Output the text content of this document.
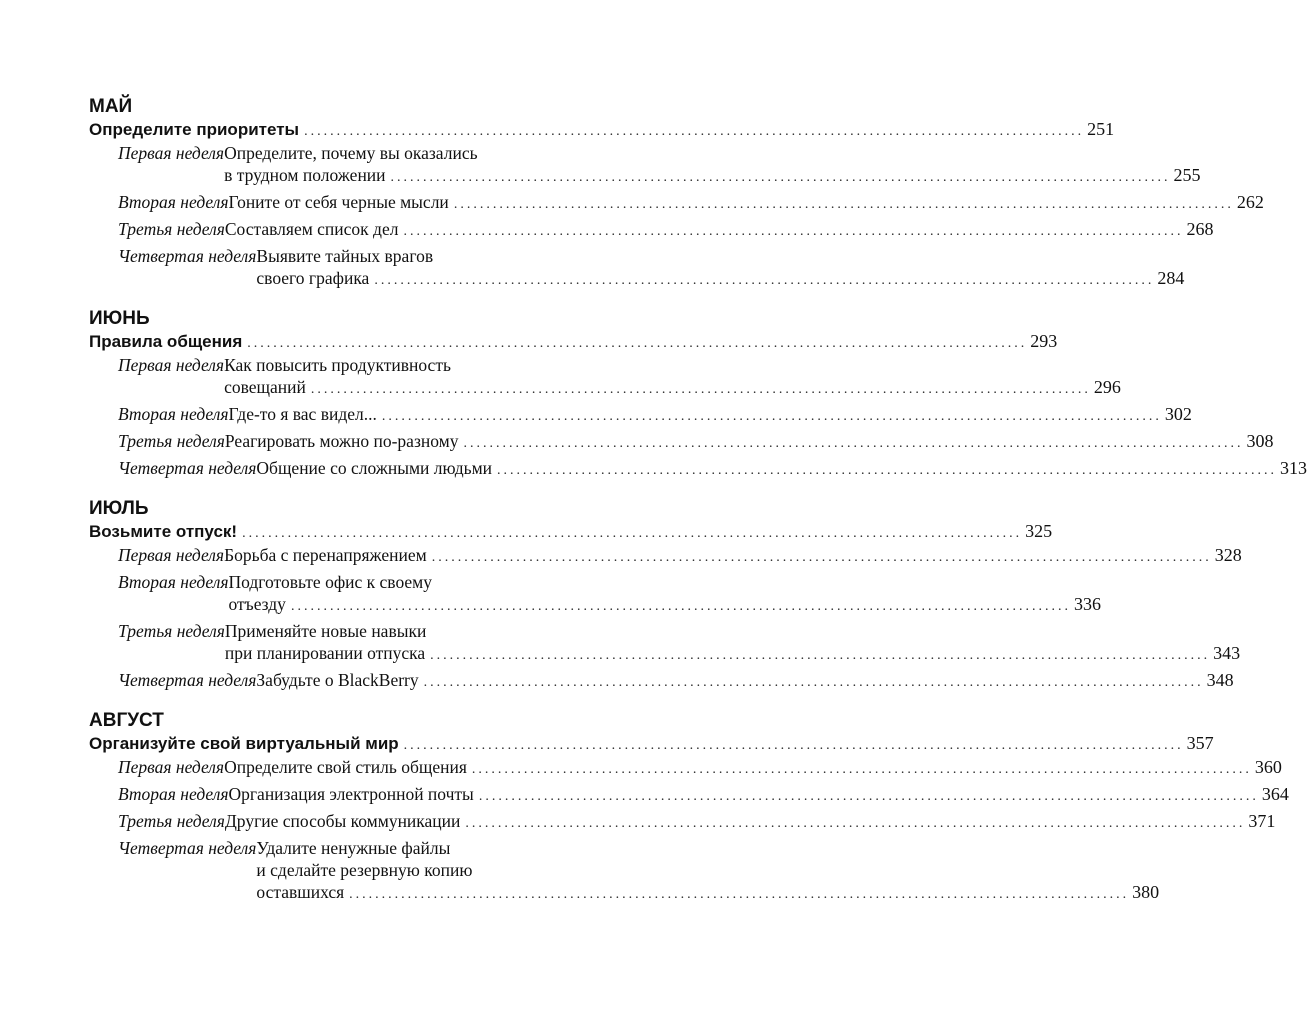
МАЙ
Определите приоритеты ........................................................................................................................ 251
Первая неделя Определите, почему вы оказались
в трудном положении ........................................................................................................................ 255
Вторая неделя Гоните от себя черные мысли ........................................................................................................................ 262
Третья неделя Составляем список дел ........................................................................................................................ 268
Четвертая неделя Выявите тайных врагов
своего графика ........................................................................................................................ 284
ИЮНЬ
Правила общения ........................................................................................................................ 293
Первая неделя Как повысить продуктивность
совещаний ........................................................................................................................ 296
Вторая неделя Где-то я вас видел... ........................................................................................................................ 302
Третья неделя Реагировать можно по-разному ........................................................................................................................ 308
Четвертая неделя Общение со сложными людьми ........................................................................................................................ 313
ИЮЛЬ
Возьмите отпуск! ........................................................................................................................ 325
Первая неделя Борьба с перенапряжением ........................................................................................................................ 328
Вторая неделя Подготовьте офис к своему
отъезду ........................................................................................................................ 336
Третья неделя Применяйте новые навыки
при планировании отпуска ........................................................................................................................ 343
Четвертая неделя Забудьте о BlackBerry ........................................................................................................................ 348
АВГУСТ
Организуйте свой виртуальный мир ........................................................................................................................ 357
Первая неделя Определите свой стиль общения ........................................................................................................................ 360
Вторая неделя Организация электронной почты ........................................................................................................................ 364
Третья неделя Другие способы коммуникации ........................................................................................................................ 371
Четвертая неделя Удалите ненужные файлы
и сделайте резервную копию
оставшихся ........................................................................................................................ 380
